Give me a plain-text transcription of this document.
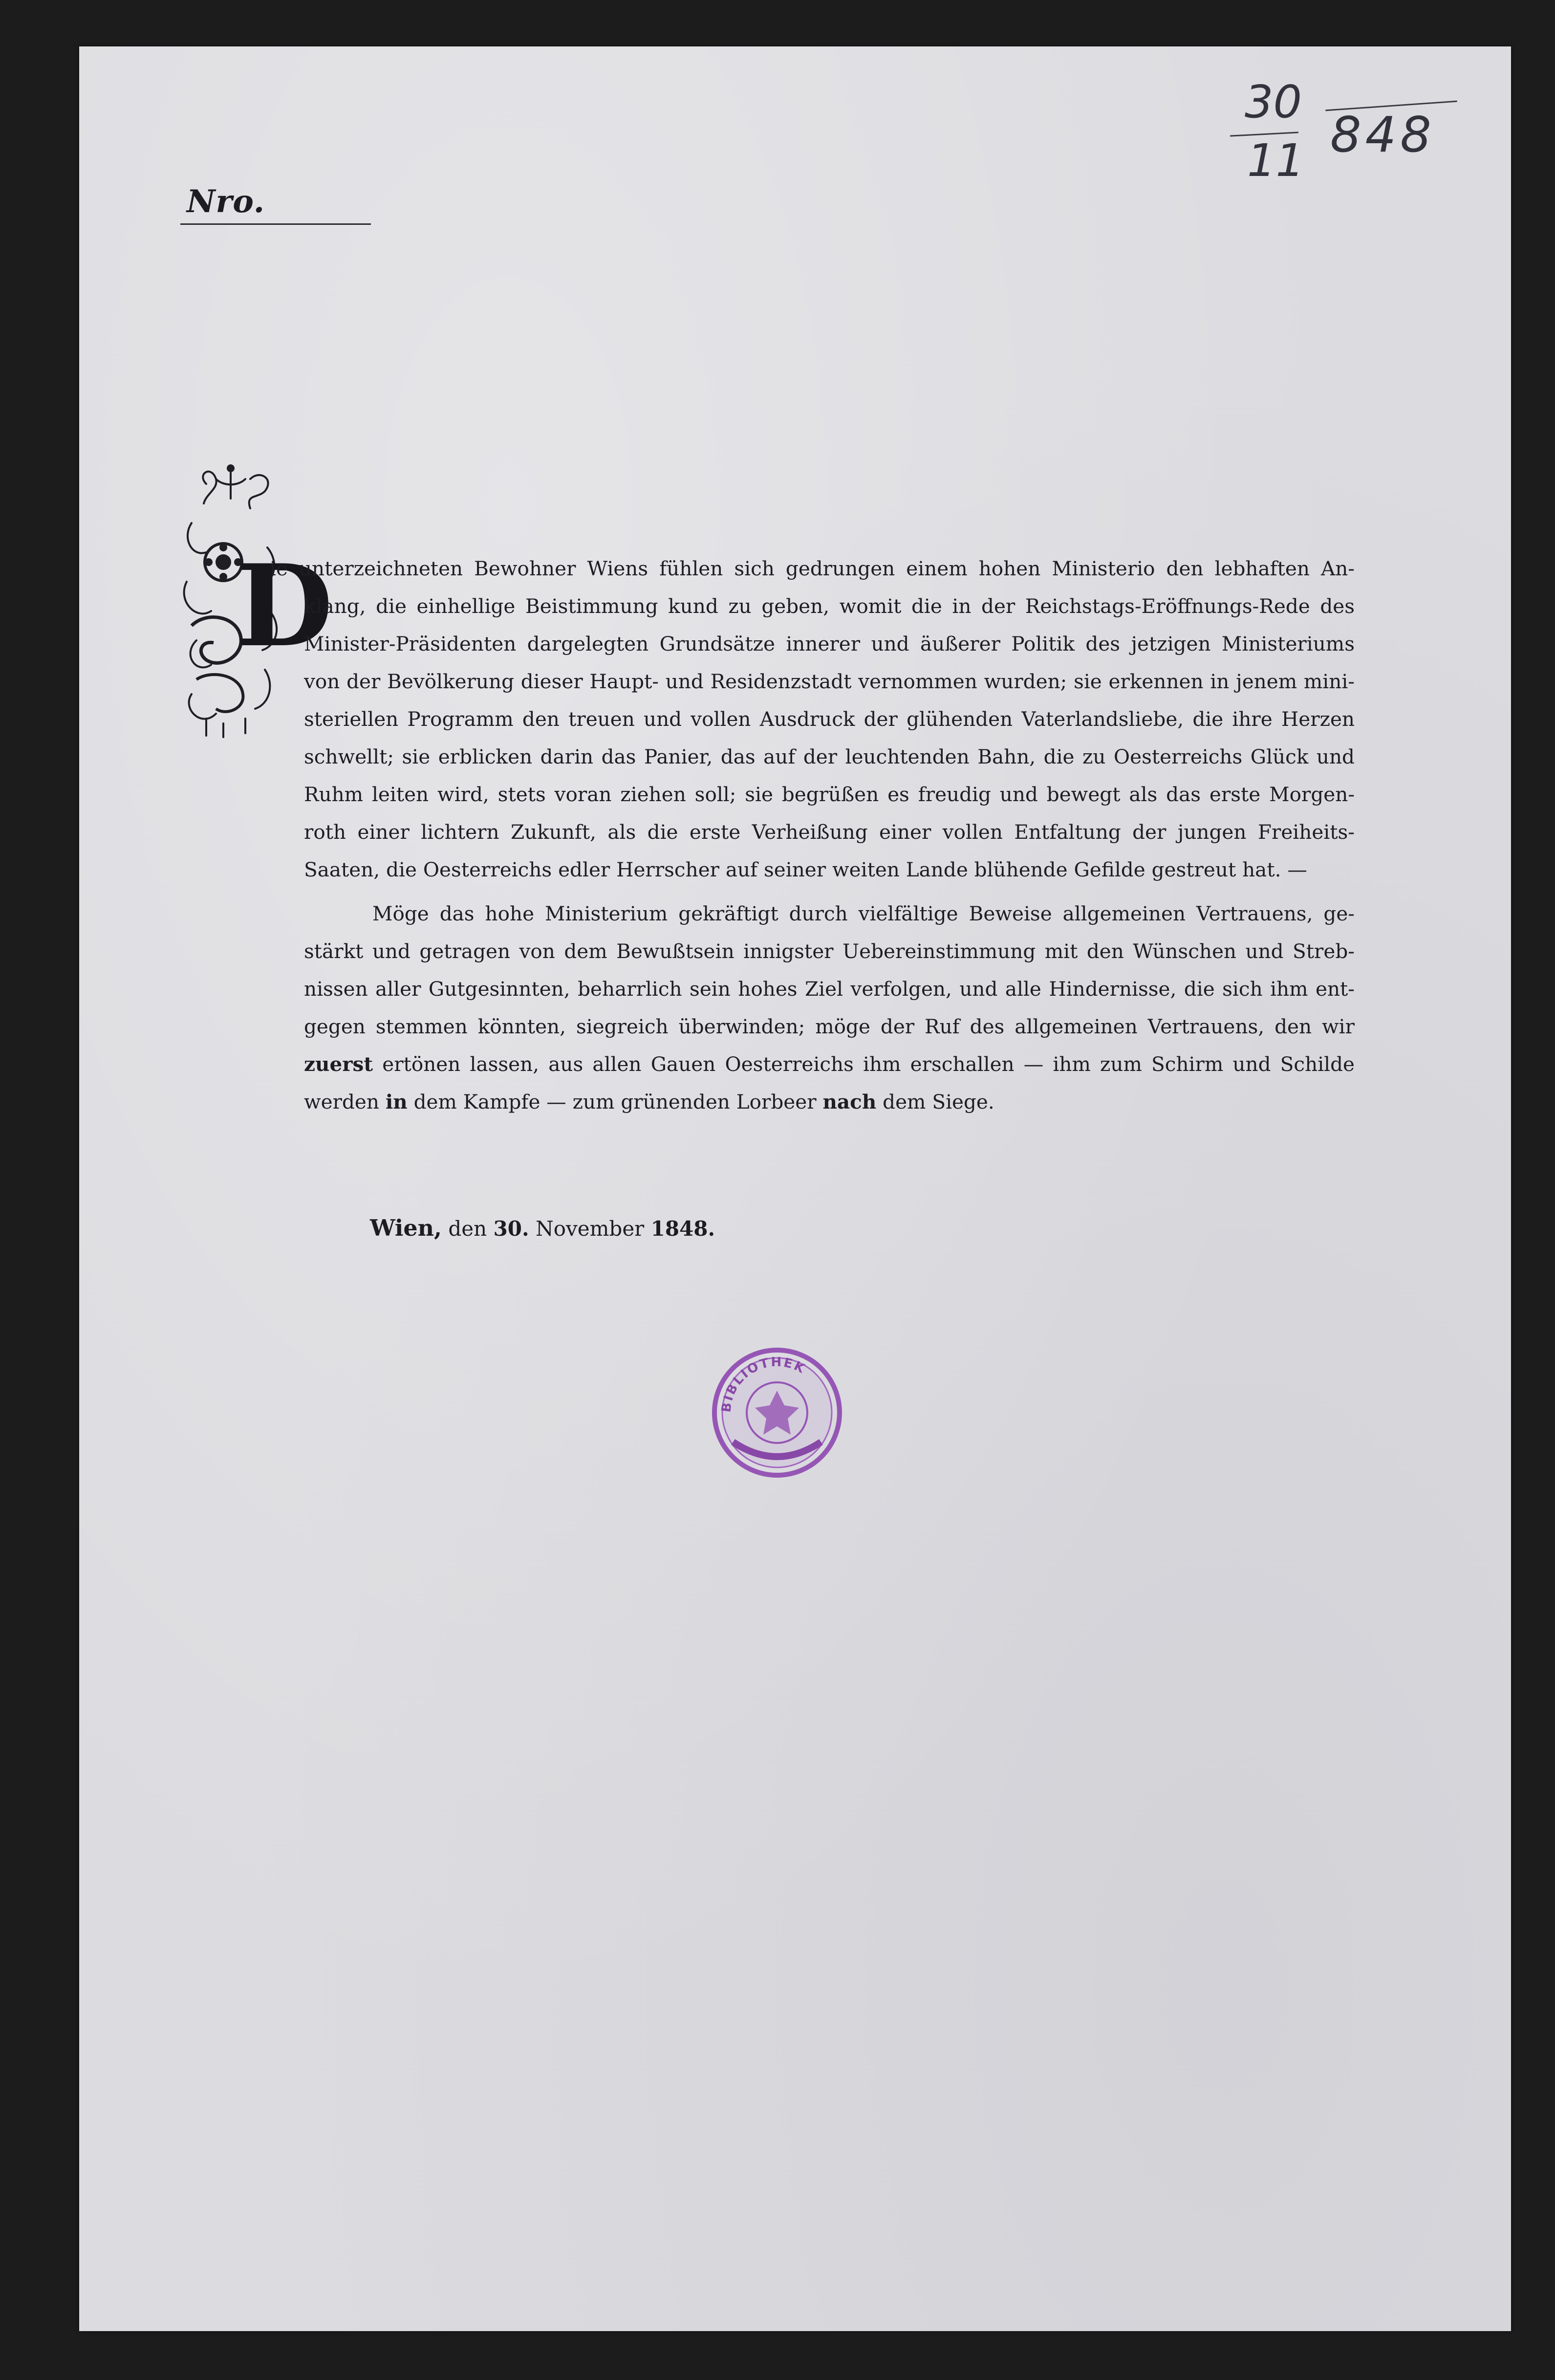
Nro.
30
11 848
D
ie unterzeichneten Bewohner Wiens fühlen sich gedrungen einem hohen Ministerio den lebhaften An-
klang, die einhellige Beistimmung kund zu geben, womit die in der Reichstags-Eröffnungs-Rede des
Minister-Präsidenten dargelegten Grundsätze innerer und äußerer Politik des jetzigen Ministeriums
von der Bevölkerung dieser Haupt- und Residenzstadt vernommen wurden; sie erkennen in jenem mini-
steriellen Programm den treuen und vollen Ausdruck der glühenden Vaterlandsliebe, die ihre Herzen
schwellt; sie erblicken darin das Panier, das auf der leuchtenden Bahn, die zu Oesterreichs Glück und
Ruhm leiten wird, stets voran ziehen soll; sie begrüßen es freudig und bewegt als das erste Morgen-
roth einer lichtern Zukunft, als die erste Verheißung einer vollen Entfaltung der jungen Freiheits-
Saaten, die Oesterreichs edler Herrscher auf seiner weiten Lande blühende Gefilde gestreut hat. —
Möge das hohe Ministerium gekräftigt durch vielfältige Beweise allgemeinen Vertrauens, ge-
stärkt und getragen von dem Bewußtsein innigster Uebereinstimmung mit den Wünschen und Streb-
nissen aller Gutgesinnten, beharrlich sein hohes Ziel verfolgen, und alle Hindernisse, die sich ihm ent-
gegen stemmen könnten, siegreich überwinden; möge der Ruf des allgemeinen Vertrauens, den wir
zuerst ertönen lassen, aus allen Gauen Oesterreichs ihm erschallen — ihm zum Schirm und Schilde
werden in dem Kampfe — zum grünenden Lorbeer nach dem Siege.
Wien, den 30. November 1848.
BIBLIOTHEK
